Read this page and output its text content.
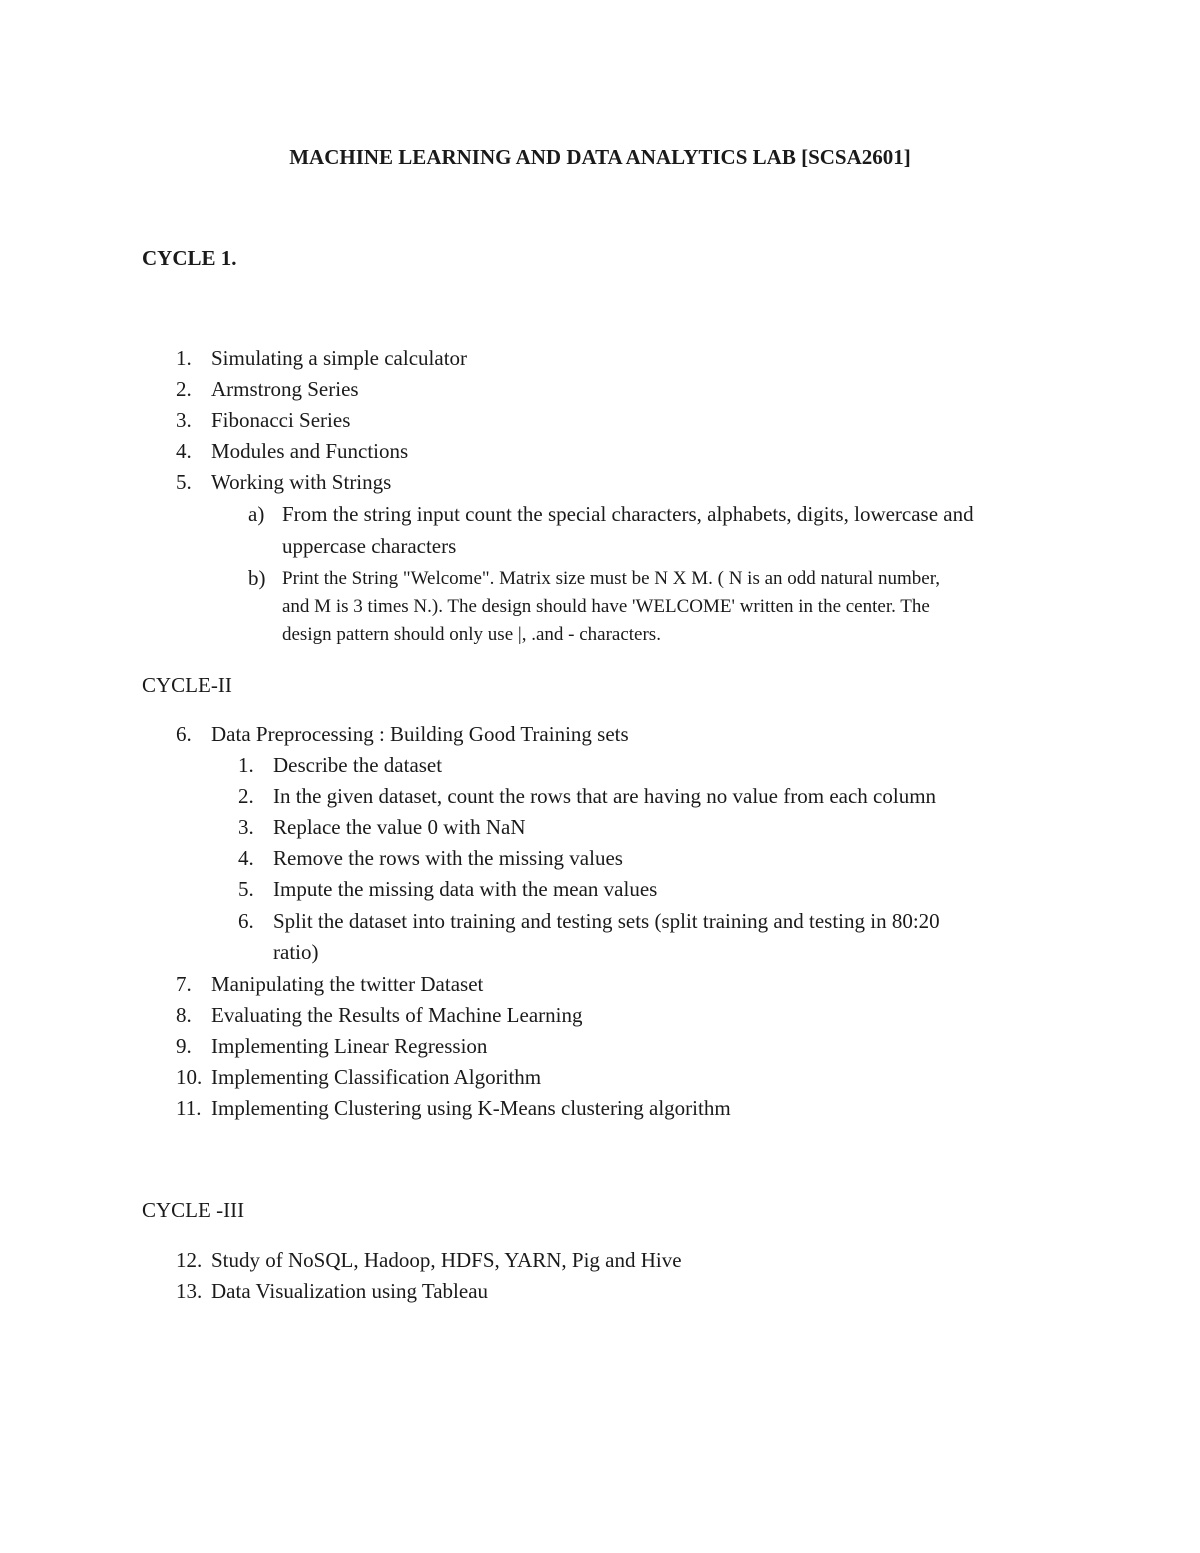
MACHINE LEARNING AND DATA ANALYTICS LAB [SCSA2601]
CYCLE 1.
1. Simulating a simple calculator
2. Armstrong Series
3. Fibonacci Series
4. Modules and Functions
5. Working with Strings
a) From the string input count the special characters, alphabets, digits, lowercase and
uppercase characters
b) Print the String "Welcome". Matrix size must be N X M. ( N is an odd natural number,
and M is 3 times N.). The design should have 'WELCOME' written in the center. The
design pattern should only use |, .and - characters.
CYCLE-II
6. Data Preprocessing : Building Good Training sets
1. Describe the dataset
2. In the given dataset, count the rows that are having no value from each column
3. Replace the value 0 with NaN
4. Remove the rows with the missing values
5. Impute the missing data with the mean values
6. Split the dataset into training and testing sets (split training and testing in 80:20
ratio)
7. Manipulating the twitter Dataset
8. Evaluating the Results of Machine Learning
9. Implementing Linear Regression
10. Implementing Classification Algorithm
11. Implementing Clustering using K-Means clustering algorithm
CYCLE -III
12. Study of NoSQL, Hadoop, HDFS, YARN, Pig and Hive
13. Data Visualization using Tableau
